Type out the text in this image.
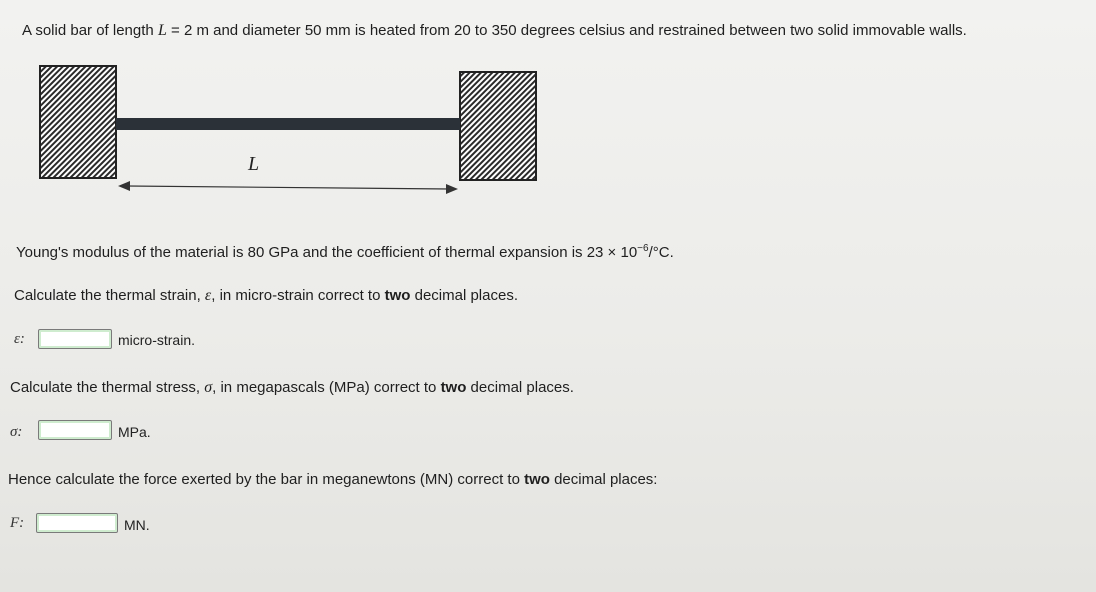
A solid bar of length L = 2 m and diameter 50 mm is heated from 20 to 350 degrees celsius and restrained between two solid immovable walls.
L
Young's modulus of the material is 80 GPa and the coefficient of thermal expansion is $23 \times 10^{-6}/^\circ C$.
Calculate the thermal strain, ε, in micro-strain correct to two decimal places.
ε:	micro-strain.
Calculate the thermal stress, σ, in megapascals (MPa) correct to two decimal places.
σ:	MPa.
Hence calculate the force exerted by the bar in meganewtons (MN) correct to two decimal places:
F:	MN.
